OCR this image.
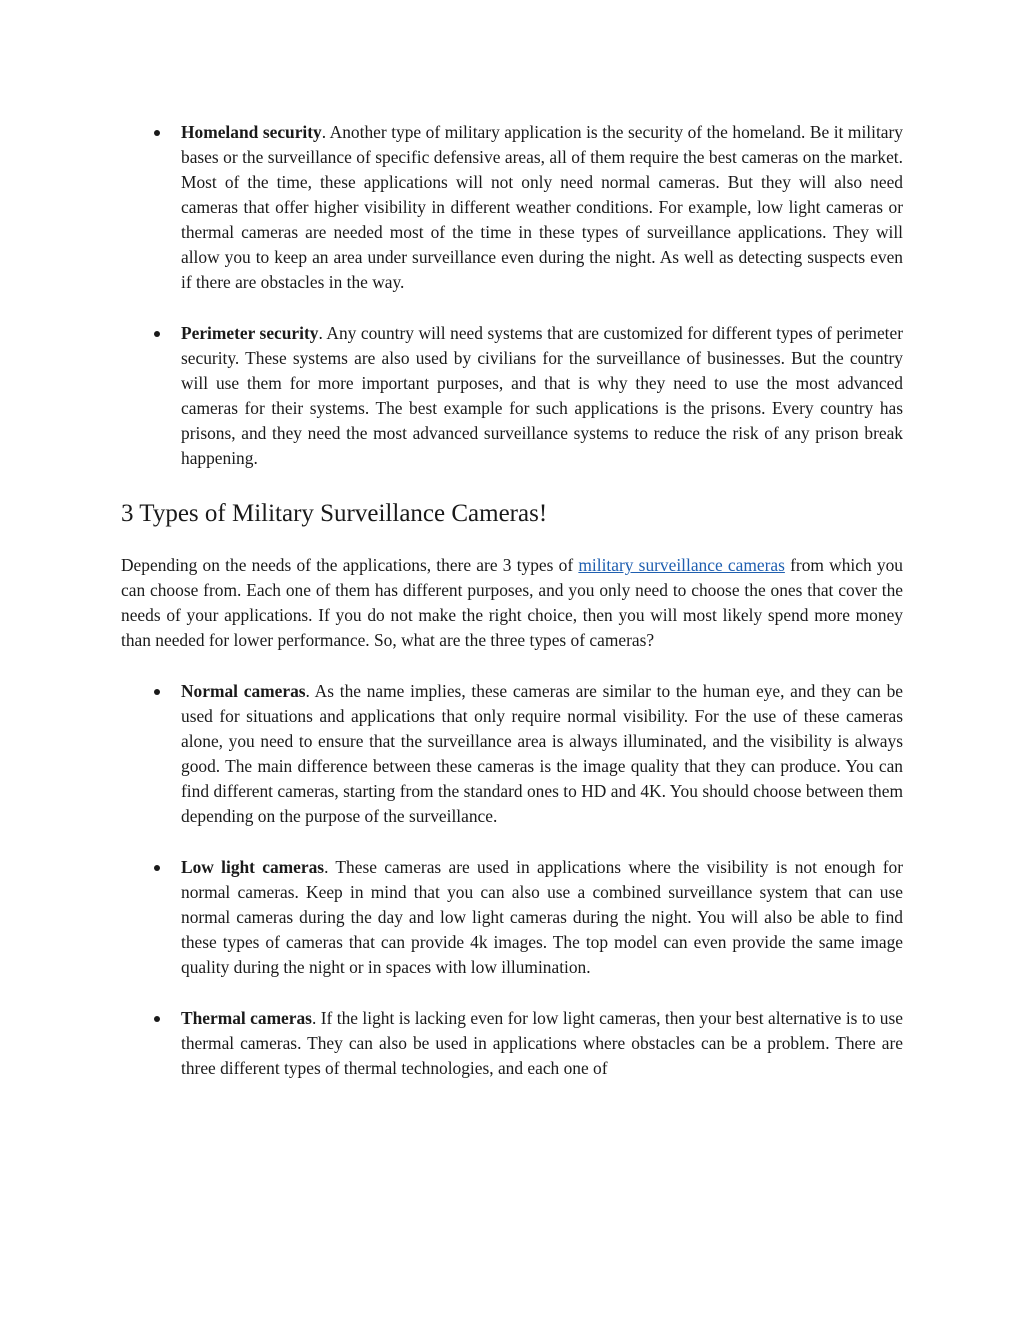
Homeland security. Another type of military application is the security of the homeland. Be it military bases or the surveillance of specific defensive areas, all of them require the best cameras on the market. Most of the time, these applications will not only need normal cameras. But they will also need cameras that offer higher visibility in different weather conditions. For example, low light cameras or thermal cameras are needed most of the time in these types of surveillance applications. They will allow you to keep an area under surveillance even during the night. As well as detecting suspects even if there are obstacles in the way.
Perimeter security. Any country will need systems that are customized for different types of perimeter security. These systems are also used by civilians for the surveillance of businesses. But the country will use them for more important purposes, and that is why they need to use the most advanced cameras for their systems. The best example for such applications is the prisons. Every country has prisons, and they need the most advanced surveillance systems to reduce the risk of any prison break happening.
3 Types of Military Surveillance Cameras!

Depending on the needs of the applications, there are 3 types of military surveillance cameras from which you can choose from. Each one of them has different purposes, and you only need to choose the ones that cover the needs of your applications. If you do not make the right choice, then you will most likely spend more money than needed for lower performance. So, what are the three types of cameras?

Normal cameras. As the name implies, these cameras are similar to the human eye, and they can be used for situations and applications that only require normal visibility. For the use of these cameras alone, you need to ensure that the surveillance area is always illuminated, and the visibility is always good. The main difference between these cameras is the image quality that they can produce. You can find different cameras, starting from the standard ones to HD and 4K. You should choose between them depending on the purpose of the surveillance.
Low light cameras. These cameras are used in applications where the visibility is not enough for normal cameras. Keep in mind that you can also use a combined surveillance system that can use normal cameras during the day and low light cameras during the night. You will also be able to find these types of cameras that can provide 4k images. The top model can even provide the same image quality during the night or in spaces with low illumination.
Thermal cameras. If the light is lacking even for low light cameras, then your best alternative is to use thermal cameras. They can also be used in applications where obstacles can be a problem. There are three different types of thermal technologies, and each one of
